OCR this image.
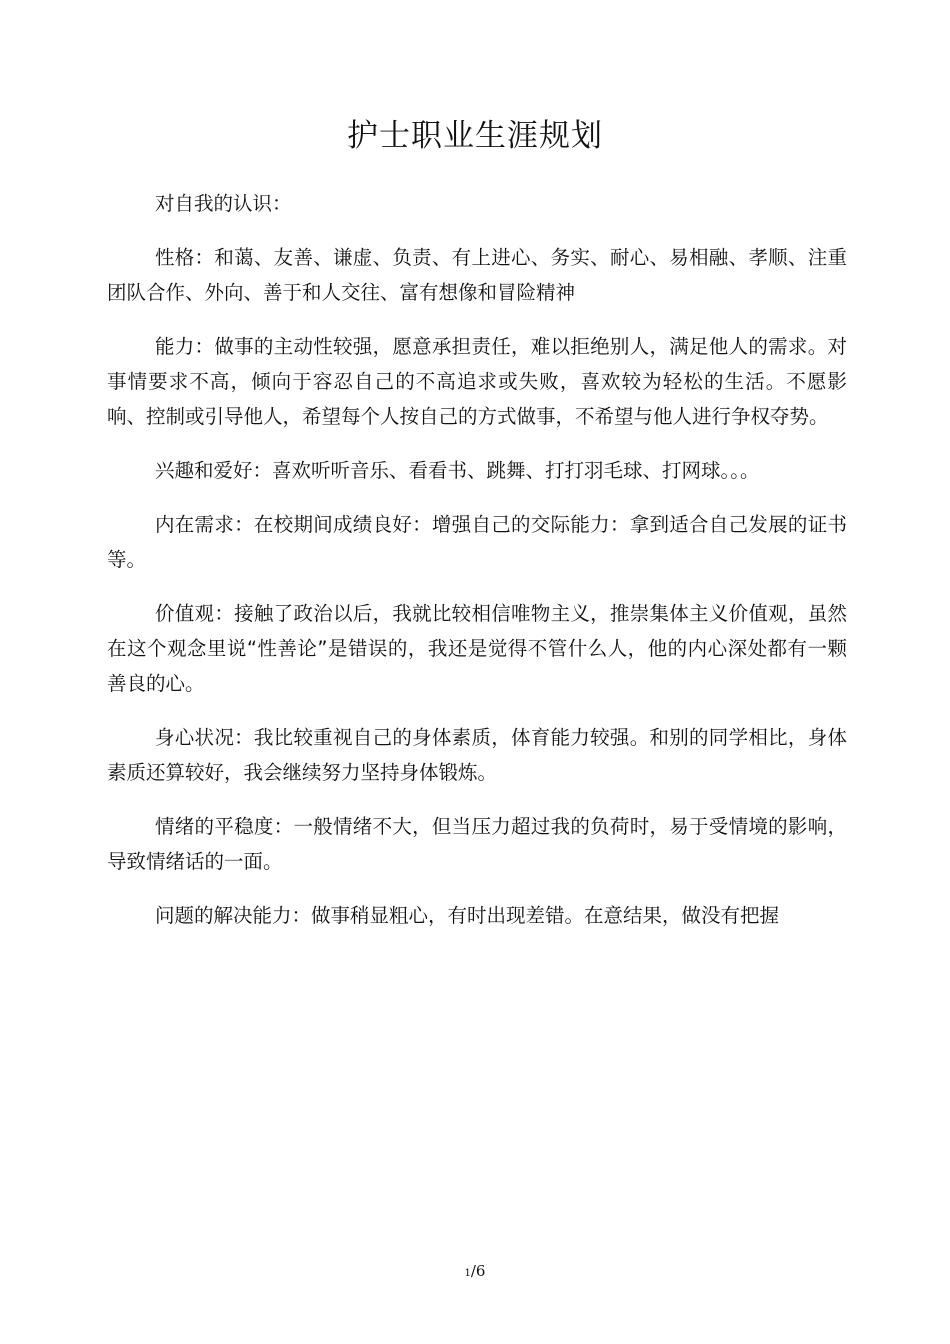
护士职业生涯规划

对自我的认识：

性格：和蔼、友善、谦虚、负责、有上进心、务实、耐心、易相融、孝顺、注重团队合作、外向、善于和人交往、富有想像和冒险精神

能力：做事的主动性较强，愿意承担责任，难以拒绝别人，满足他人的需求。对事情要求不高，倾向于容忍自己的不高追求或失败，喜欢较为轻松的生活。不愿影响、控制或引导他人，希望每个人按自己的方式做事，不希望与他人进行争权夺势。

兴趣和爱好：喜欢听听音乐、看看书、跳舞、打打羽毛球、打网球。。。

内在需求：在校期间成绩良好：增强自己的交际能力：拿到适合自己发展的证书等。

价值观：接触了政治以后，我就比较相信唯物主义，推崇集体主义价值观，虽然在这个观念里说“性善论”是错误的，我还是觉得不管什么人，他的内心深处都有一颗善良的心。

身心状况：我比较重视自己的身体素质，体育能力较强。和别的同学相比，身体素质还算较好，我会继续努力坚持身体锻炼。

情绪的平稳度：一般情绪不大，但当压力超过我的负荷时，易于受情境的影响，导致情绪话的一面。

问题的解决能力：做事稍显粗心，有时出现差错。在意结果，做没有把握

1/6
